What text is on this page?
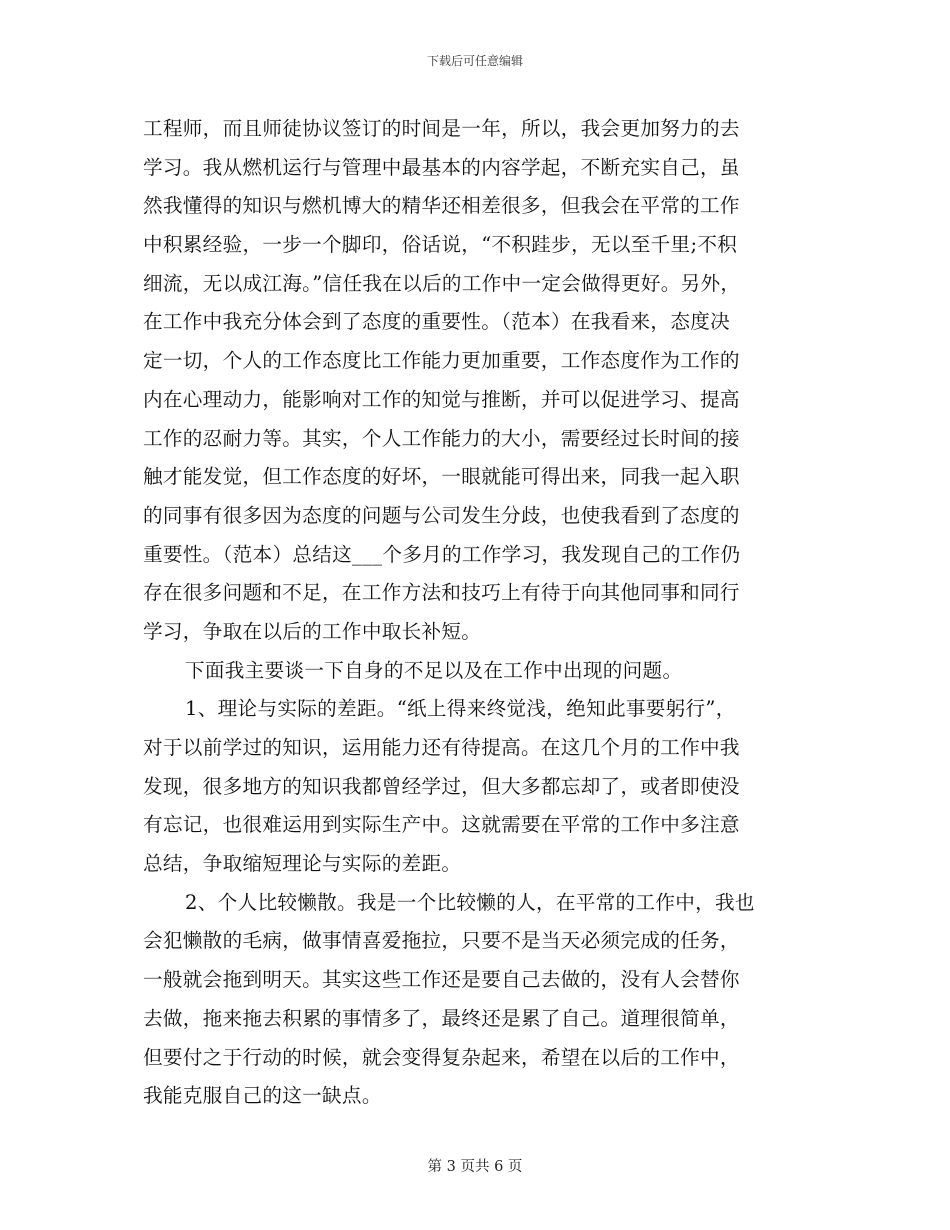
下载后可任意编辑
工程师，而且师徒协议签订的时间是一年，所以，我会更加努力的去
学习。我从燃机运行与管理中最基本的内容学起，不断充实自己，虽
然我懂得的知识与燃机博大的精华还相差很多，但我会在平常的工作
中积累经验，一步一个脚印，俗话说，“不积跬步，无以至千里;不积
细流，无以成江海。”信任我在以后的工作中一定会做得更好。另外，
在工作中我充分体会到了态度的重要性。（范本）在我看来，态度决
定一切，个人的工作态度比工作能力更加重要，工作态度作为工作的
内在心理动力，能影响对工作的知觉与推断，并可以促进学习、提高
工作的忍耐力等。其实，个人工作能力的大小，需要经过长时间的接
触才能发觉，但工作态度的好坏，一眼就能可得出来，同我一起入职
的同事有很多因为态度的问题与公司发生分歧，也使我看到了态度的
重要性。（范本）总结这___个多月的工作学习，我发现自己的工作仍
存在很多问题和不足，在工作方法和技巧上有待于向其他同事和同行
学习，争取在以后的工作中取长补短。
下面我主要谈一下自身的不足以及在工作中出现的问题。
1、理论与实际的差距。“纸上得来终觉浅，绝知此事要躬行”，
对于以前学过的知识，运用能力还有待提高。在这几个月的工作中我
发现，很多地方的知识我都曾经学过，但大多都忘却了，或者即使没
有忘记，也很难运用到实际生产中。这就需要在平常的工作中多注意
总结，争取缩短理论与实际的差距。
2、个人比较懒散。我是一个比较懒的人，在平常的工作中，我也
会犯懒散的毛病，做事情喜爱拖拉，只要不是当天必须完成的任务，
一般就会拖到明天。其实这些工作还是要自己去做的，没有人会替你
去做，拖来拖去积累的事情多了，最终还是累了自己。道理很简单，
但要付之于行动的时候，就会变得复杂起来，希望在以后的工作中，
我能克服自己的这一缺点。
第 3 页共 6 页
